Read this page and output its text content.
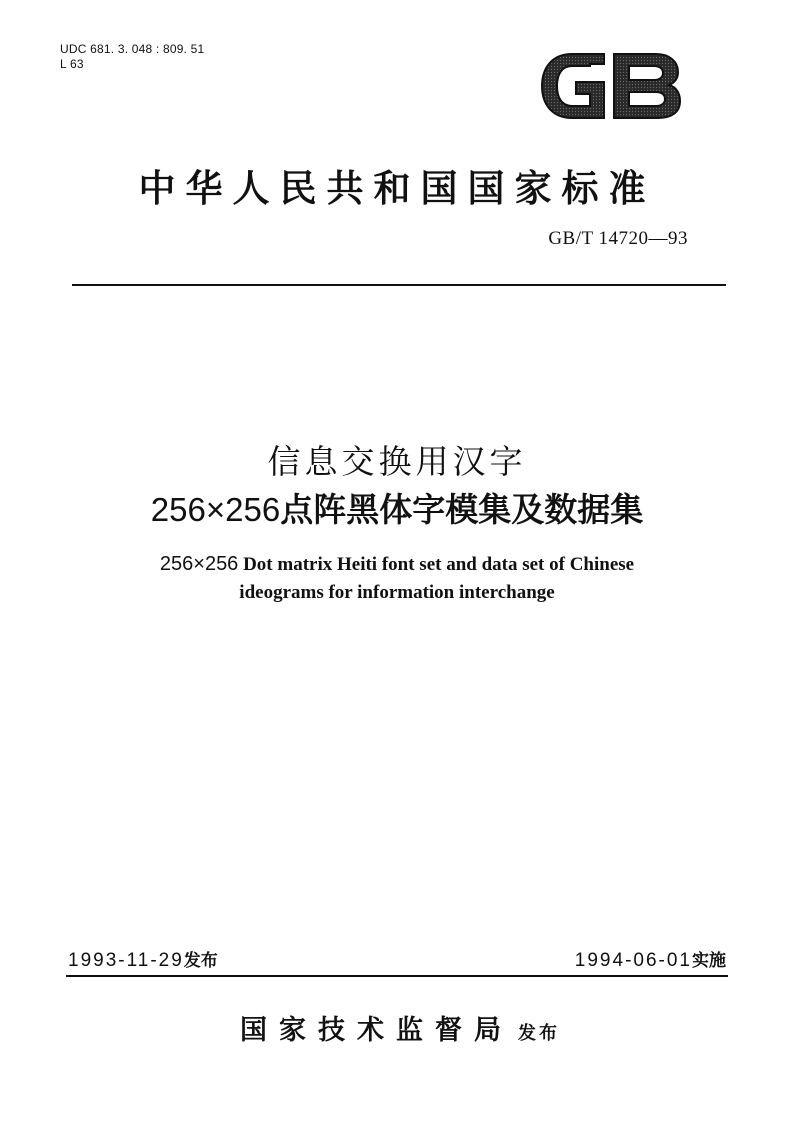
UDC 681. 3. 048 : 809. 51
L 63
中华人民共和国国家标准
GB/T 14720—93
信息交换用汉字
256×256点阵黑体字模集及数据集
256×256 Dot matrix Heiti font set and data set of Chinese
ideograms for information interchange
1993-11-29发布	1994-06-01实施
国家技术监督局 发布
